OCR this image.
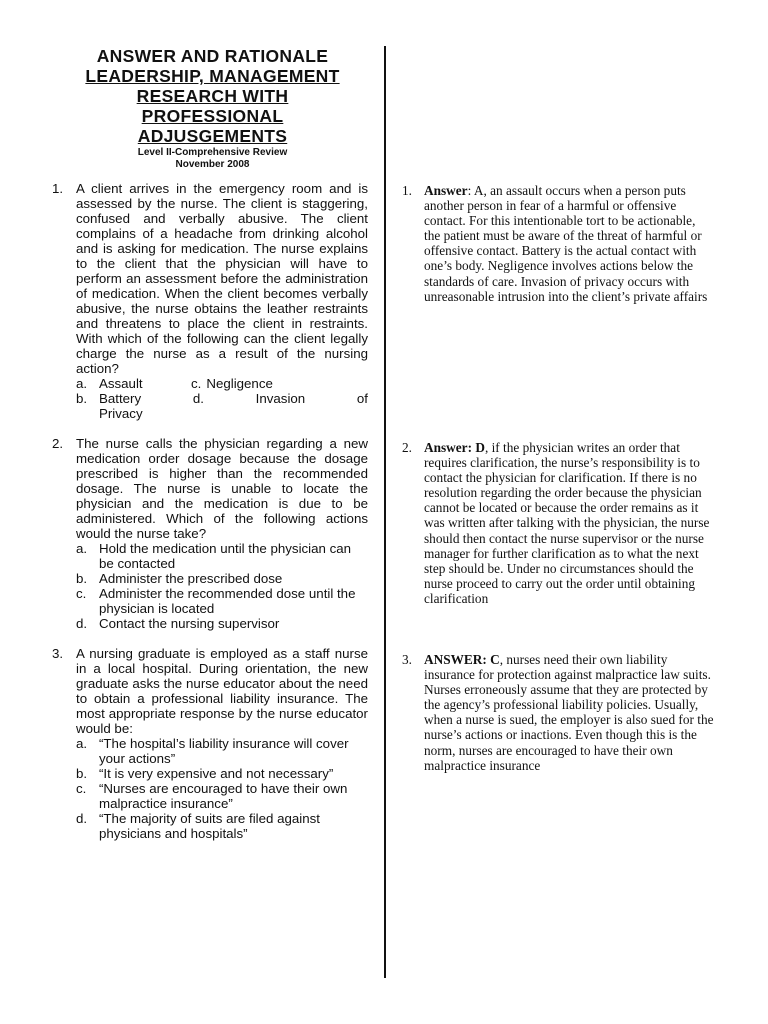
ANSWER AND RATIONALE
LEADERSHIP, MANAGEMENT
RESEARCH WITH
PROFESSIONAL
ADJUSGEMENTS
Level II-Comprehensive Review
November 2008
1. A client arrives in the emergency room and is assessed by the nurse. The client is staggering, confused and verbally abusive. The client complains of a headache from drinking alcohol and is asking for medication. The nurse explains to the client that the physician will have to perform an assessment before the administration of medication. When the client becomes verbally abusive, the nurse obtains the leather restraints and threatens to place the client in restraints. With which of the following can the client legally charge the nurse as a result of the nursing action?
a. Assault	c. Negligence
b. Battery	d.	Invasion	of
Privacy
2. The nurse calls the physician regarding a new medication order dosage because the dosage prescribed is higher than the recommended dosage. The nurse is unable to locate the physician and the medication is due to be administered. Which of the following actions would the nurse take?
a. Hold the medication until the physician can be contacted
b. Administer the prescribed dose
c. Administer the recommended dose until the physician is located
d. Contact the nursing supervisor
3. A nursing graduate is employed as a staff nurse in a local hospital. During orientation, the new graduate asks the nurse educator about the need to obtain a professional liability insurance. The most appropriate response by the nurse educator would be:
a. “The hospital’s liability insurance will cover your actions”
b. “It is very expensive and not necessary”
c. “Nurses are encouraged to have their own malpractice insurance”
d. “The majority of suits are filed against physicians and hospitals”
1. Answer: A, an assault occurs when a person puts another person in fear of a harmful or offensive contact. For this intentionable tort to be actionable, the patient must be aware of the threat of harmful or offensive contact. Battery is the actual contact with one’s body. Negligence involves actions below the standards of care. Invasion of privacy occurs with unreasonable intrusion into the client’s private affairs
2. Answer: D, if the physician writes an order that requires clarification, the nurse’s responsibility is to contact the physician for clarification. If there is no resolution regarding the order because the physician cannot be located or because the order remains as it was written after talking with the physician, the nurse should then contact the nurse supervisor or the nurse manager for further clarification as to what the next step should be. Under no circumstances should the nurse proceed to carry out the order until obtaining clarification
3. ANSWER: C, nurses need their own liability insurance for protection against malpractice law suits. Nurses erroneously assume that they are protected by the agency’s professional liability policies. Usually, when a nurse is sued, the employer is also sued for the nurse’s actions or inactions. Even though this is the norm, nurses are encouraged to have their own malpractice insurance
